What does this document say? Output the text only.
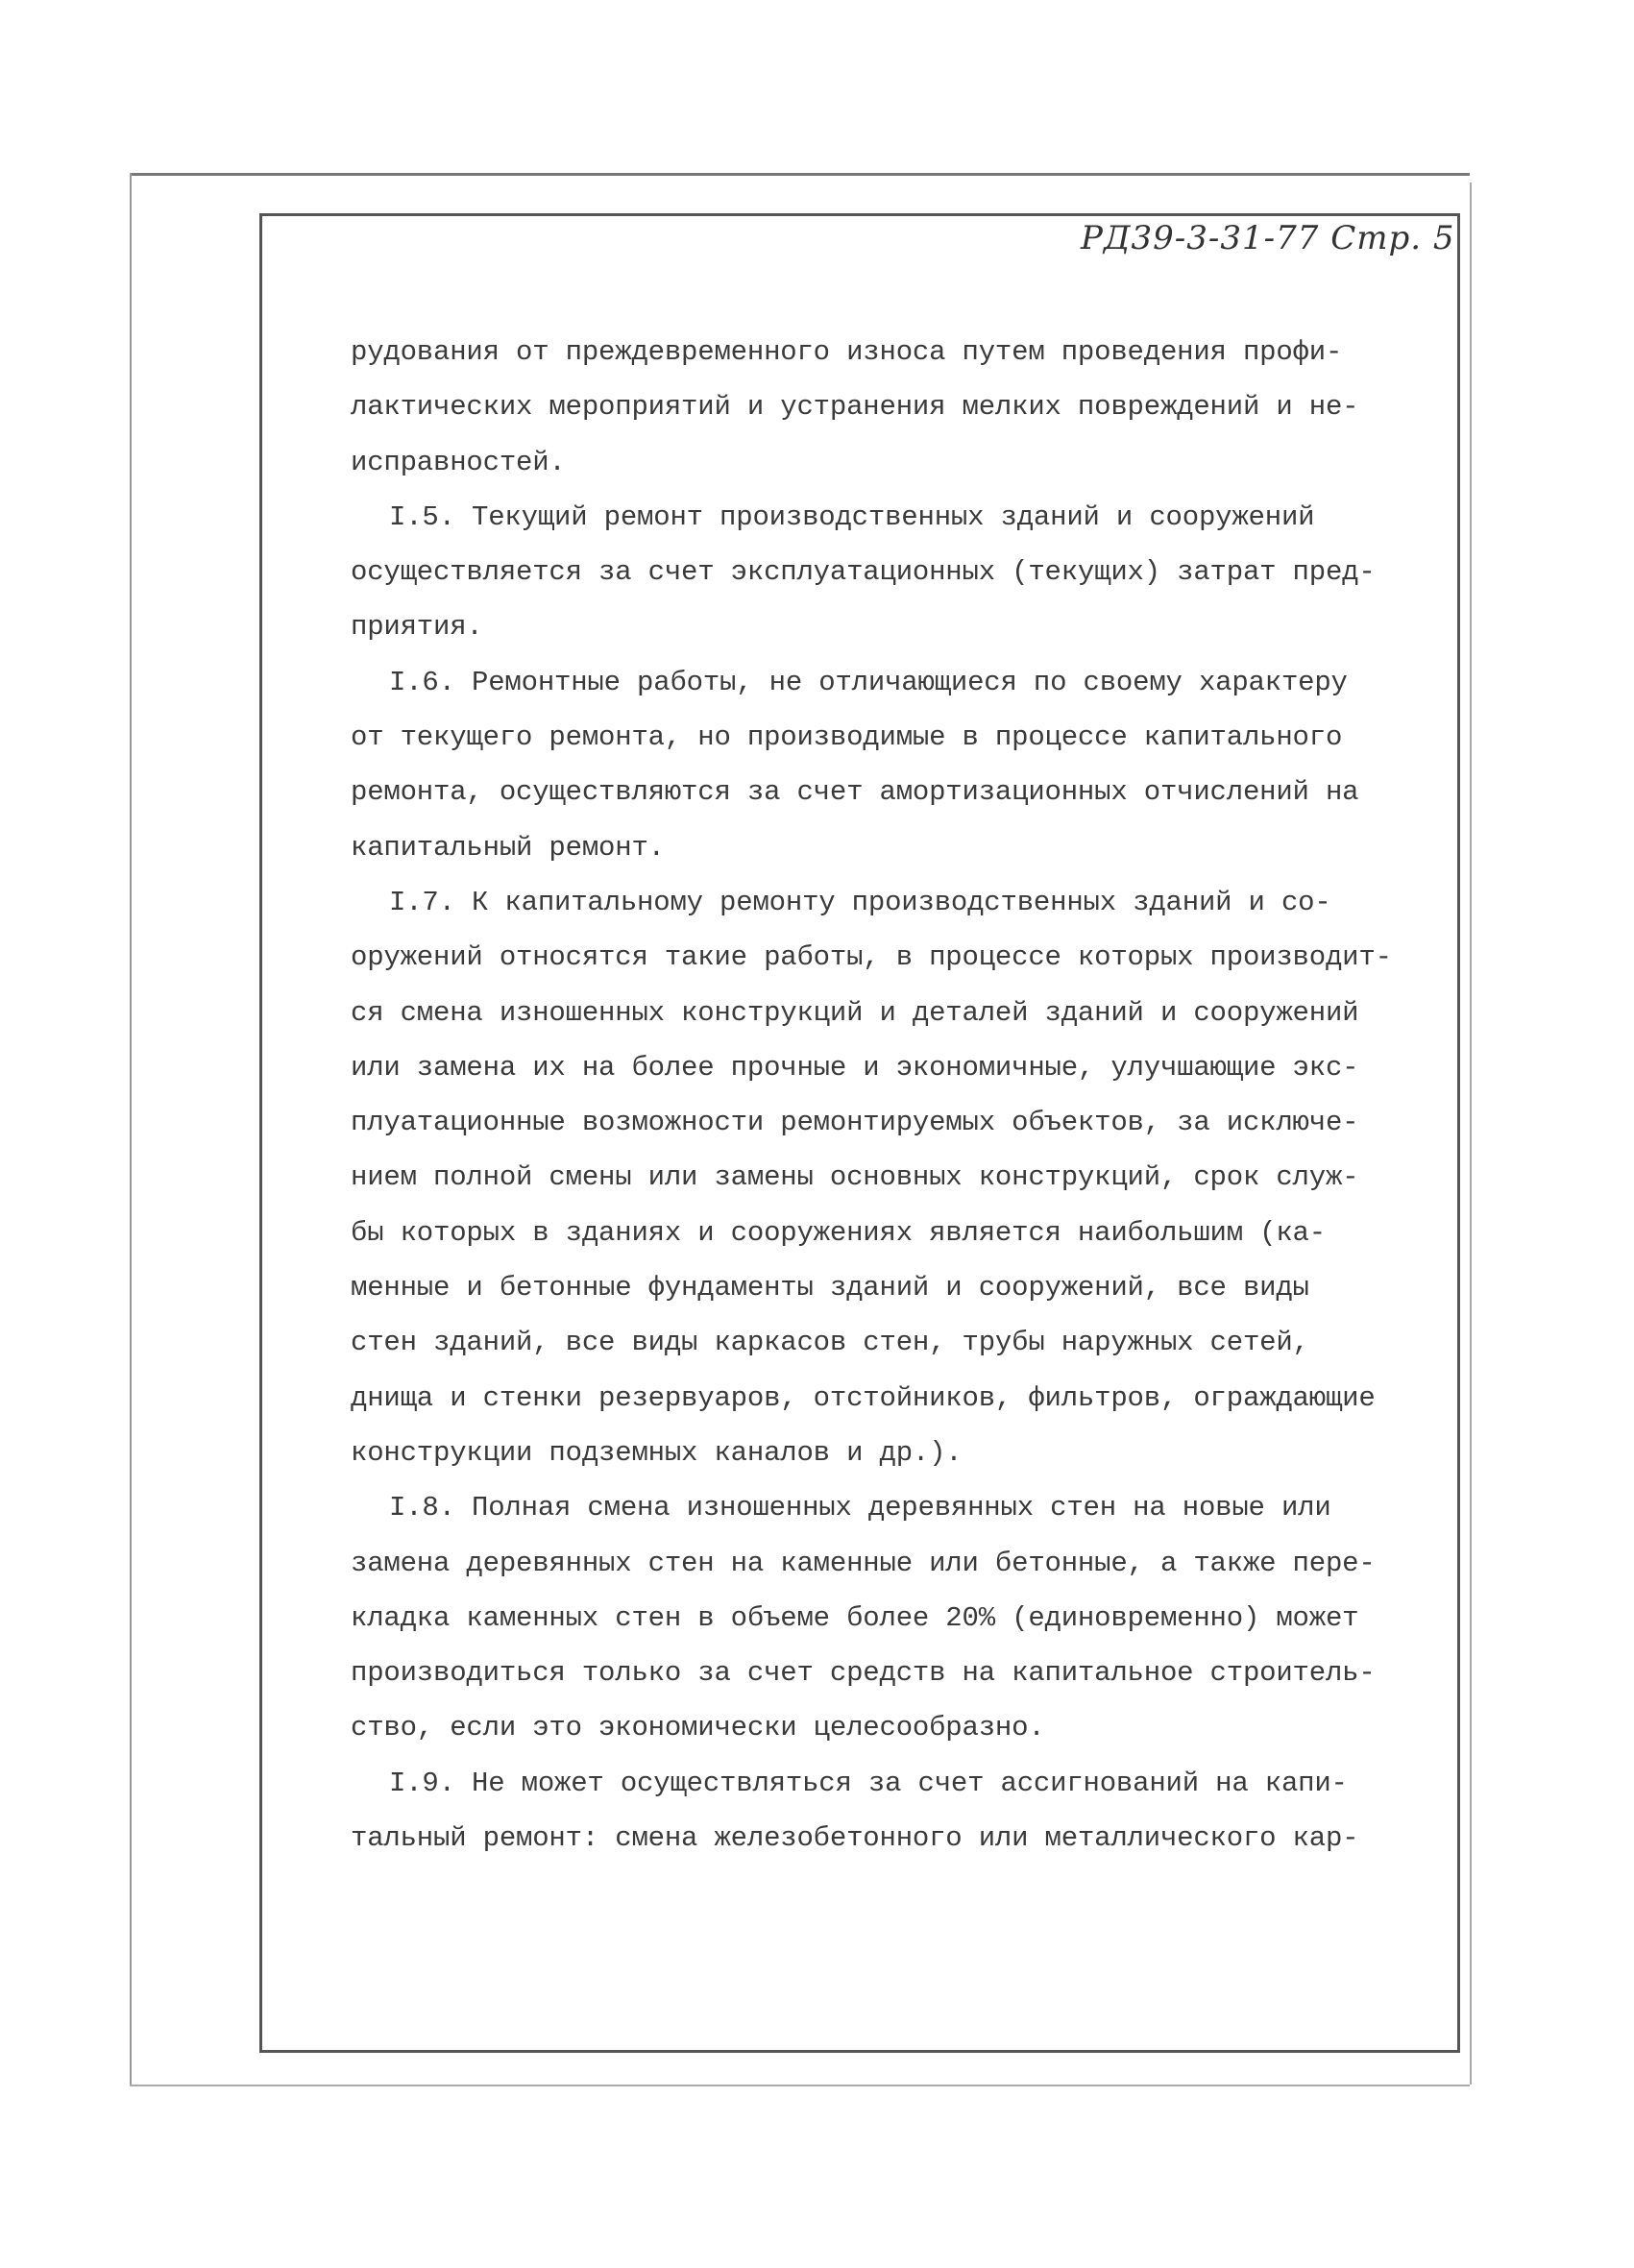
РД39-3-31-77 Стр. 5
рудования от преждевременного износа путем проведения профи-
лактических мероприятий и устранения мелких повреждений и не-
исправностей.
I.5. Текущий ремонт производственных зданий и сооружений
осуществляется за счет эксплуатационных (текущих) затрат пред-
приятия.
I.6. Ремонтные работы, не отличающиеся по своему характеру
от текущего ремонта, но производимые в процессе капитального
ремонта, осуществляются за счет амортизационных отчислений на
капитальный ремонт.
I.7. К капитальному ремонту производственных зданий и со-
оружений относятся такие работы, в процессе которых производит-
ся смена изношенных конструкций и деталей зданий и сооружений
или замена их на более прочные и экономичные, улучшающие экс-
плуатационные возможности ремонтируемых объектов, за исключе-
нием полной смены или замены основных конструкций, срок служ-
бы которых в зданиях и сооружениях является наибольшим (ка-
менные и бетонные фундаменты зданий и сооружений, все виды
стен зданий, все виды каркасов стен, трубы наружных сетей,
днища и стенки резервуаров, отстойников, фильтров, ограждающие
конструкции подземных каналов и др.).
I.8. Полная смена изношенных деревянных стен на новые или
замена деревянных стен на каменные или бетонные, а также пере-
кладка каменных стен в объеме более 20% (единовременно) может
производиться только за счет средств на капитальное строитель-
ство, если это экономически целесообразно.
I.9. Не может осуществляться за счет ассигнований на капи-
тальный ремонт: смена железобетонного или металлического кар-
